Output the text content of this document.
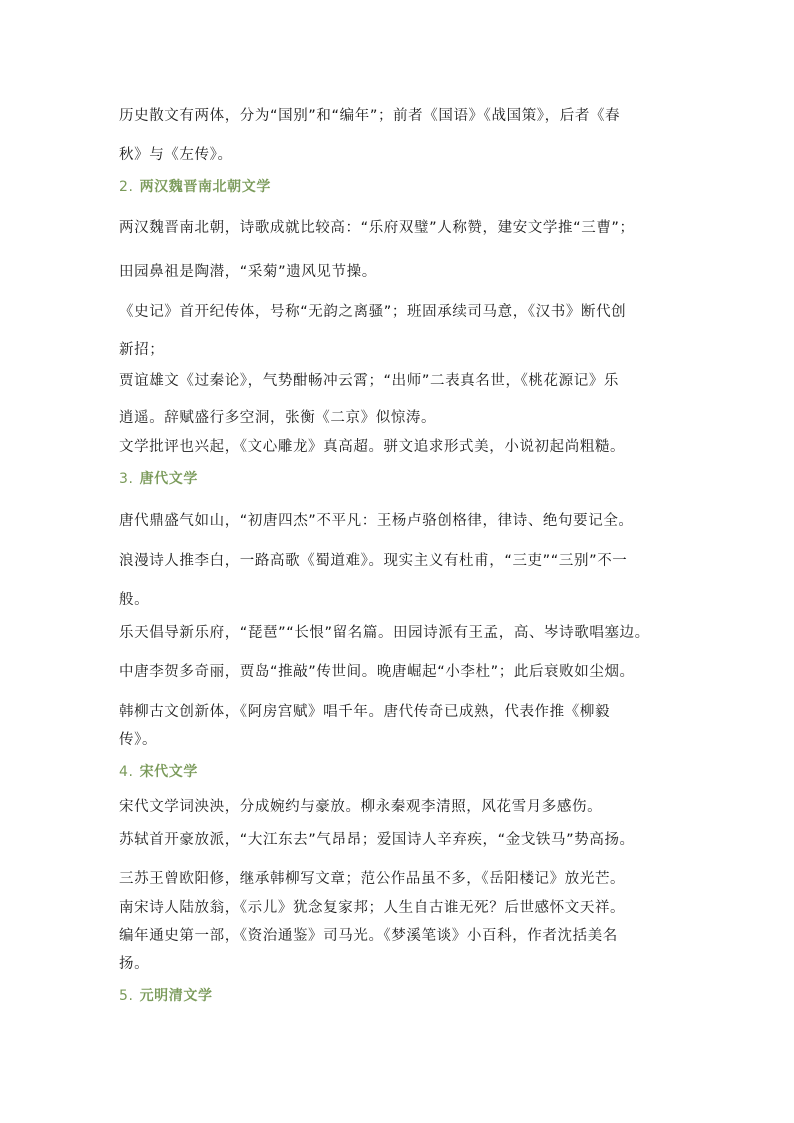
历史散文有两体，分为“国别”和“编年”；前者《国语》《战国策》，后者《春

秋》与《左传》。

2. 两汉魏晋南北朝文学

两汉魏晋南北朝，诗歌成就比较高：“乐府双璧”人称赞，建安文学推“三曹”；

田园鼻祖是陶潜，“采菊”遗风见节操。

《史记》首开纪传体，号称“无韵之离骚”；班固承续司马意，《汉书》断代创

新招；

贾谊雄文《过秦论》，气势酣畅冲云霄；“出师”二表真名世，《桃花源记》乐

逍遥。辞赋盛行多空洞，张衡《二京》似惊涛。

文学批评也兴起，《文心雕龙》真高超。骈文追求形式美，小说初起尚粗糙。

3. 唐代文学

唐代鼎盛气如山，“初唐四杰”不平凡：王杨卢骆创格律，律诗、绝句要记全。

浪漫诗人推李白，一路高歌《蜀道难》。现实主义有杜甫，“三吏”“三别”不一

般。

乐天倡导新乐府，“琵琶”“长恨”留名篇。田园诗派有王孟，高、岑诗歌唱塞边。

中唐李贺多奇丽，贾岛“推敲”传世间。晚唐崛起“小李杜”；此后衰败如尘烟。

韩柳古文创新体，《阿房宫赋》唱千年。唐代传奇已成熟，代表作推《柳毅

传》。

4. 宋代文学

宋代文学词泱泱，分成婉约与豪放。柳永秦观李清照，风花雪月多感伤。

苏轼首开豪放派，“大江东去”气昂昂；爱国诗人辛弃疾，“金戈铁马”势高扬。

三苏王曾欧阳修，继承韩柳写文章；范公作品虽不多，《岳阳楼记》放光芒。

南宋诗人陆放翁，《示儿》犹念复家邦；人生自古谁无死？后世感怀文天祥。

编年通史第一部，《资治通鉴》司马光。《梦溪笔谈》小百科，作者沈括美名

扬。

5. 元明清文学
